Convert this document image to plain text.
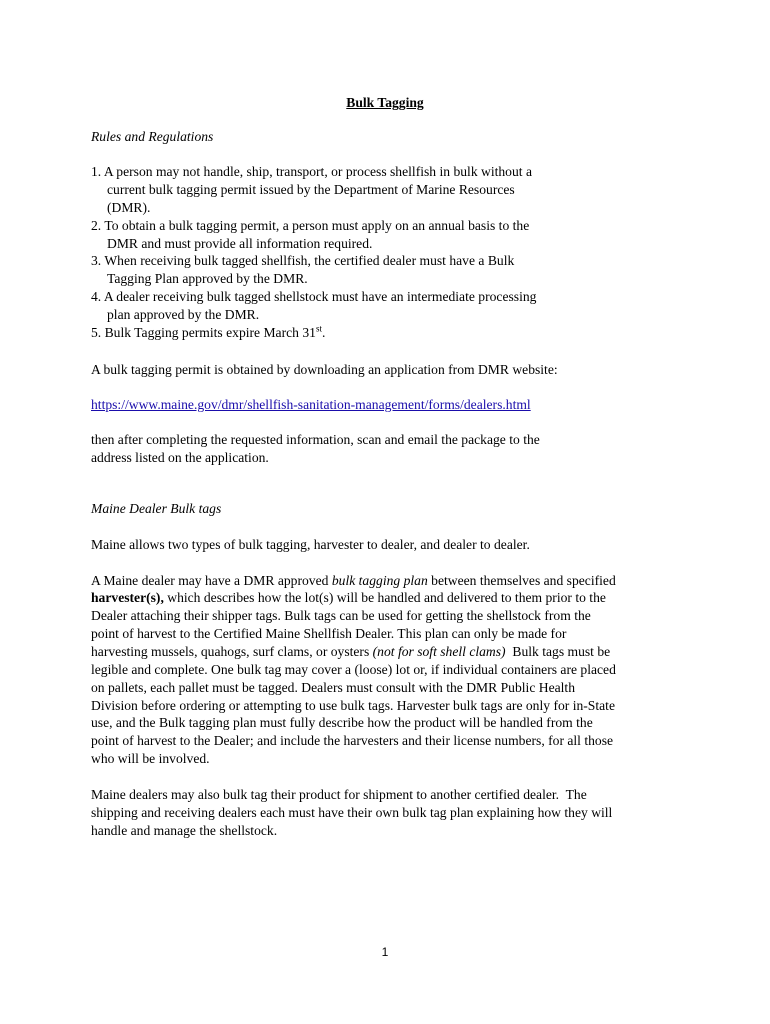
Bulk Tagging
Rules and Regulations
1. A person may not handle, ship, transport, or process shellfish in bulk without a
current bulk tagging permit issued by the Department of Marine Resources
(DMR).
2. To obtain a bulk tagging permit, a person must apply on an annual basis to the
DMR and must provide all information required.
3. When receiving bulk tagged shellfish, the certified dealer must have a Bulk
Tagging Plan approved by the DMR.
4. A dealer receiving bulk tagged shellstock must have an intermediate processing
plan approved by the DMR.
5. Bulk Tagging permits expire March 31st.
A bulk tagging permit is obtained by downloading an application from DMR website:
https://www.maine.gov/dmr/shellfish-sanitation-management/forms/dealers.html
then after completing the requested information, scan and email the package to the
address listed on the application.
Maine Dealer Bulk tags
Maine allows two types of bulk tagging, harvester to dealer, and dealer to dealer.
A Maine dealer may have a DMR approved bulk tagging plan between themselves and specified
harvester(s), which describes how the lot(s) will be handled and delivered to them prior to the
Dealer attaching their shipper tags. Bulk tags can be used for getting the shellstock from the
point of harvest to the Certified Maine Shellfish Dealer. This plan can only be made for
harvesting mussels, quahogs, surf clams, or oysters (not for soft shell clams)  Bulk tags must be
legible and complete. One bulk tag may cover a (loose) lot or, if individual containers are placed
on pallets, each pallet must be tagged. Dealers must consult with the DMR Public Health
Division before ordering or attempting to use bulk tags. Harvester bulk tags are only for in-State
use, and the Bulk tagging plan must fully describe how the product will be handled from the
point of harvest to the Dealer; and include the harvesters and their license numbers, for all those
who will be involved.
Maine dealers may also bulk tag their product for shipment to another certified dealer.  The
shipping and receiving dealers each must have their own bulk tag plan explaining how they will
handle and manage the shellstock.
1
